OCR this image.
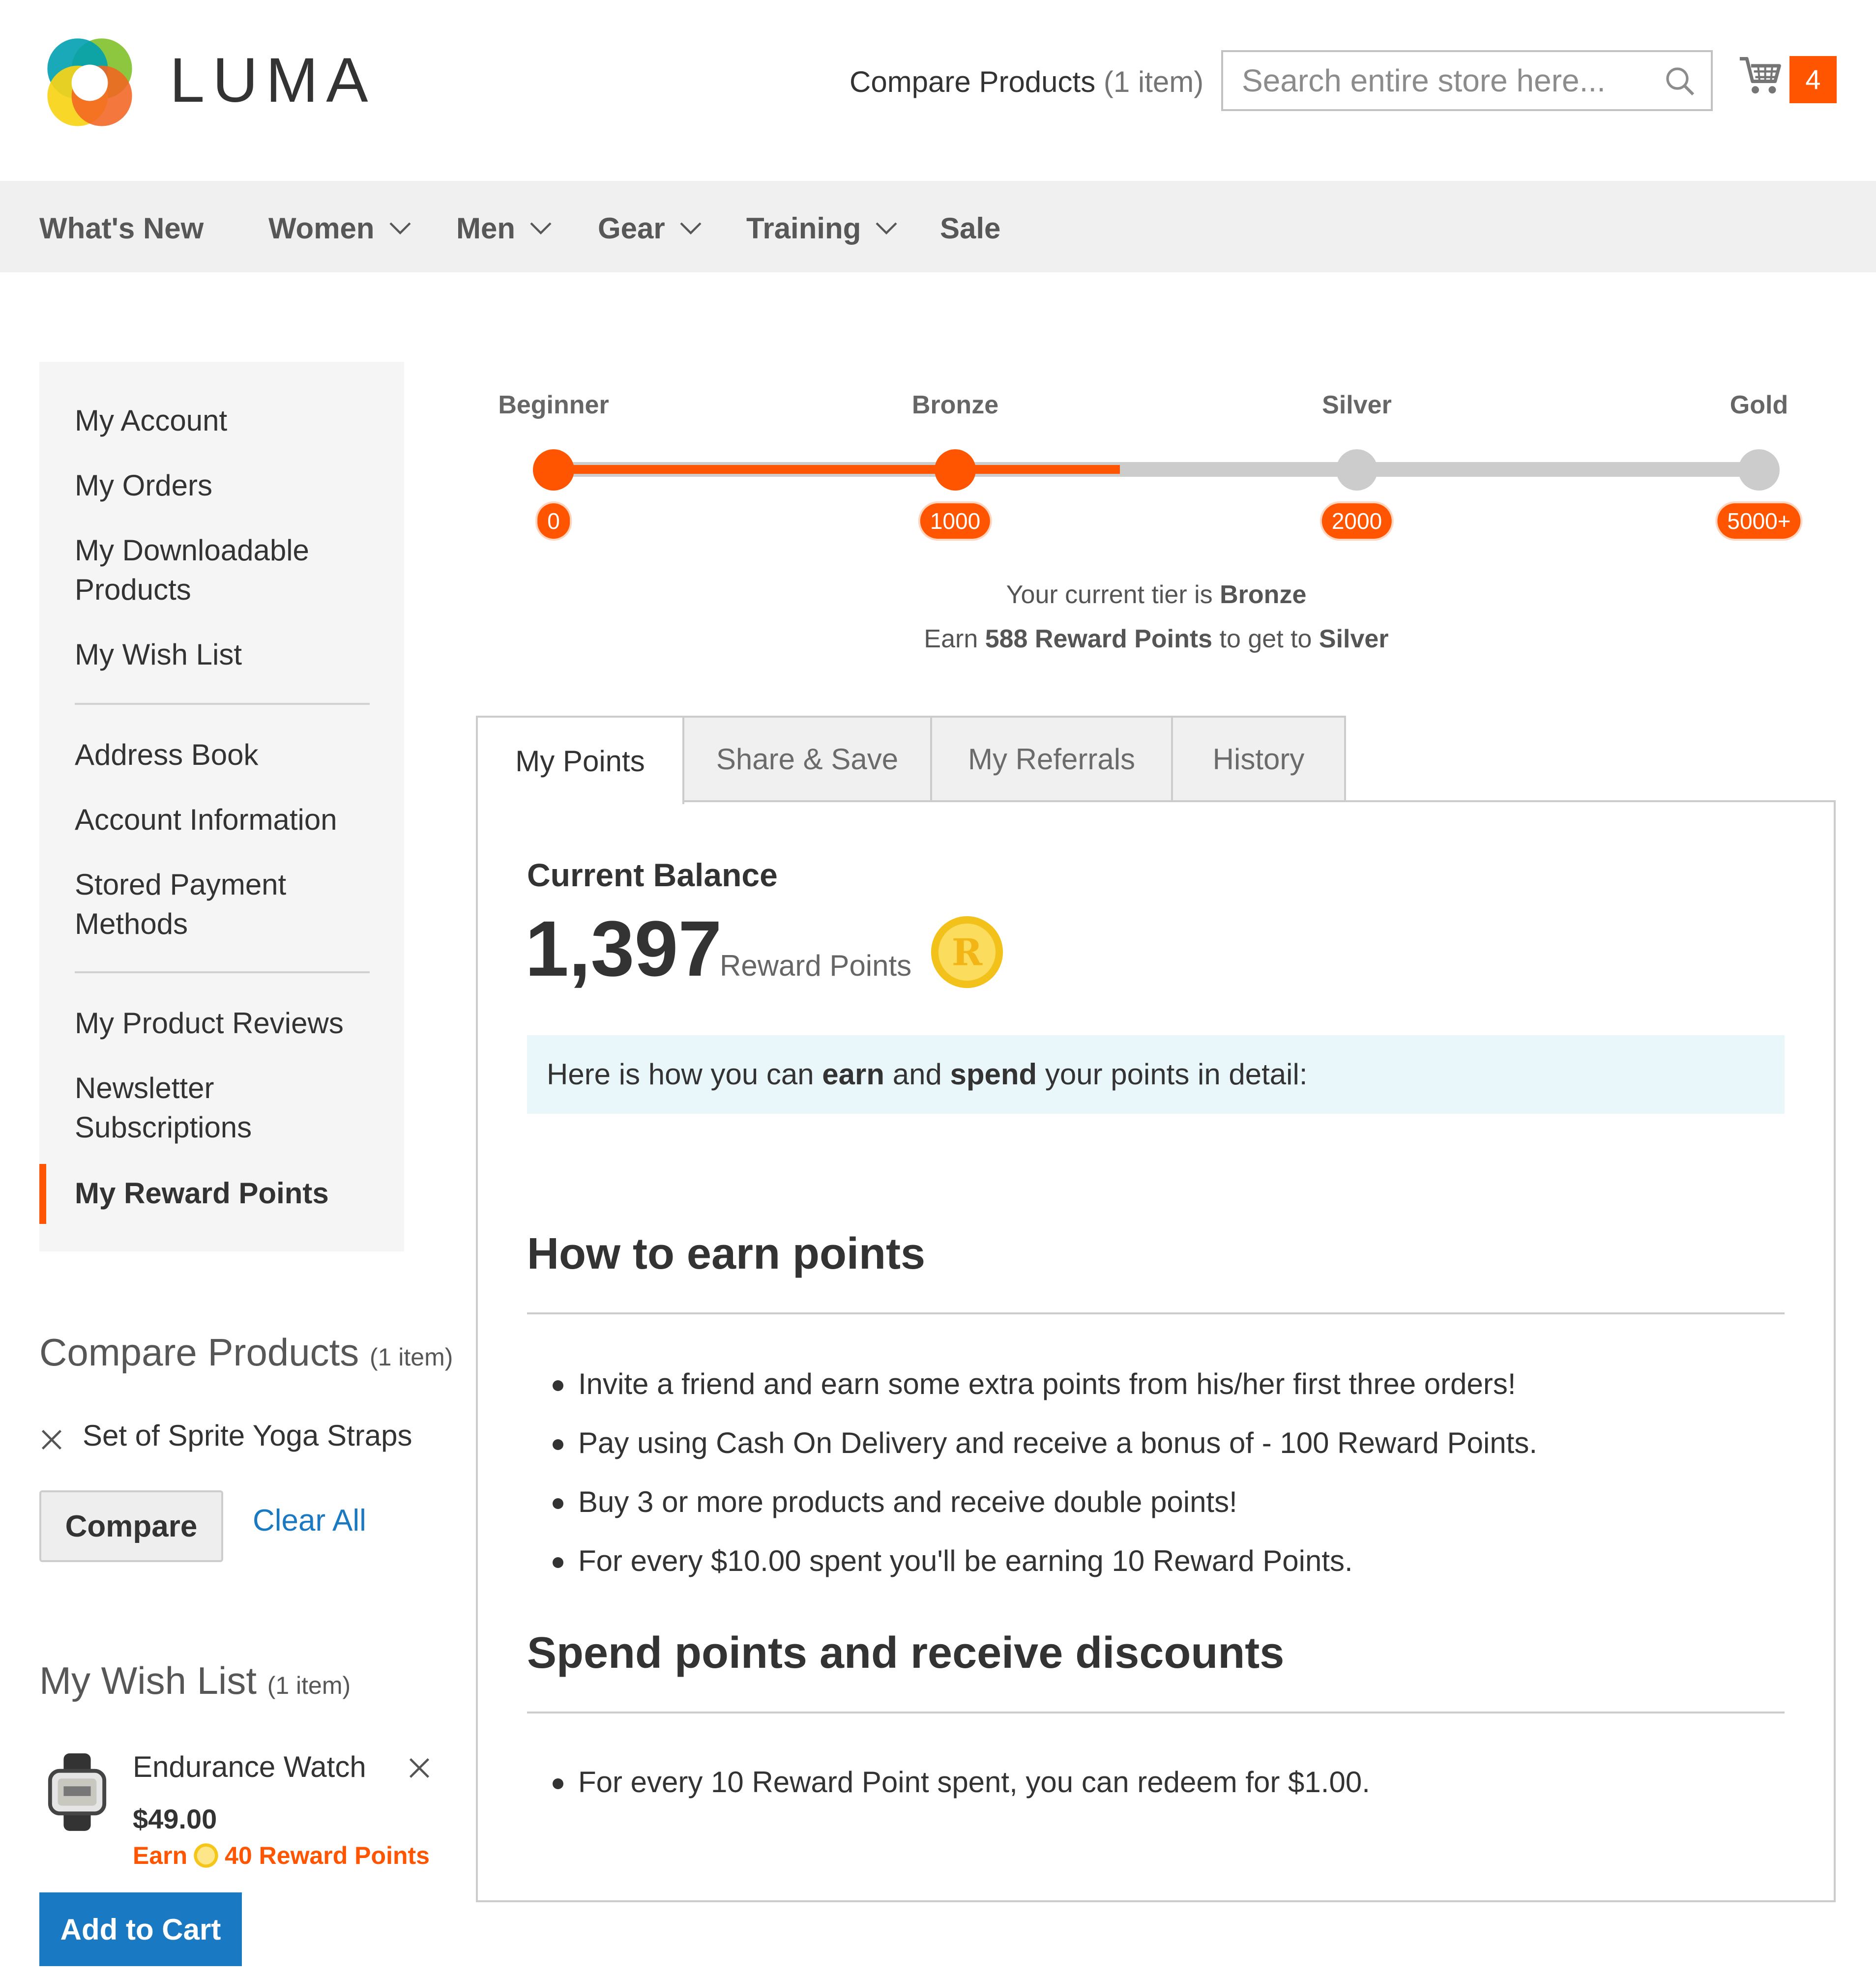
LUMA	Compare Products (1 item)
Search entire store here...	4
What's New Women	Men	Gear	Training	Sale
My Account
My Orders
My Downloadable Products
My Wish List
Address Book
Account Information
Stored Payment Methods
My Product Reviews
Newsletter Subscriptions
My Reward Points
Compare Products (1 item)
Set of Sprite Yoga Straps
Compare	Clear All
My Wish List (1 item)
Endurance Watch
$49.00
Earn 40 Reward Points
Add to Cart
Beginner	Bronze	Silver	Gold
0	1000	2000	5000+
Your current tier is Bronze
Earn 588 Reward Points to get to Silver
My Points	Share & Save	My Referrals	History
Current Balance
1,397
Reward Points	R
Here is how you can earn and spend your points in detail:
How to earn points
Invite a friend and earn some extra points from his/her first three orders!
Pay using Cash On Delivery and receive a bonus of - 100 Reward Points.
Buy 3 or more products and receive double points!
For every $10.00 spent you'll be earning 10 Reward Points.
Spend points and receive discounts
For every 10 Reward Point spent, you can redeem for $1.00.
